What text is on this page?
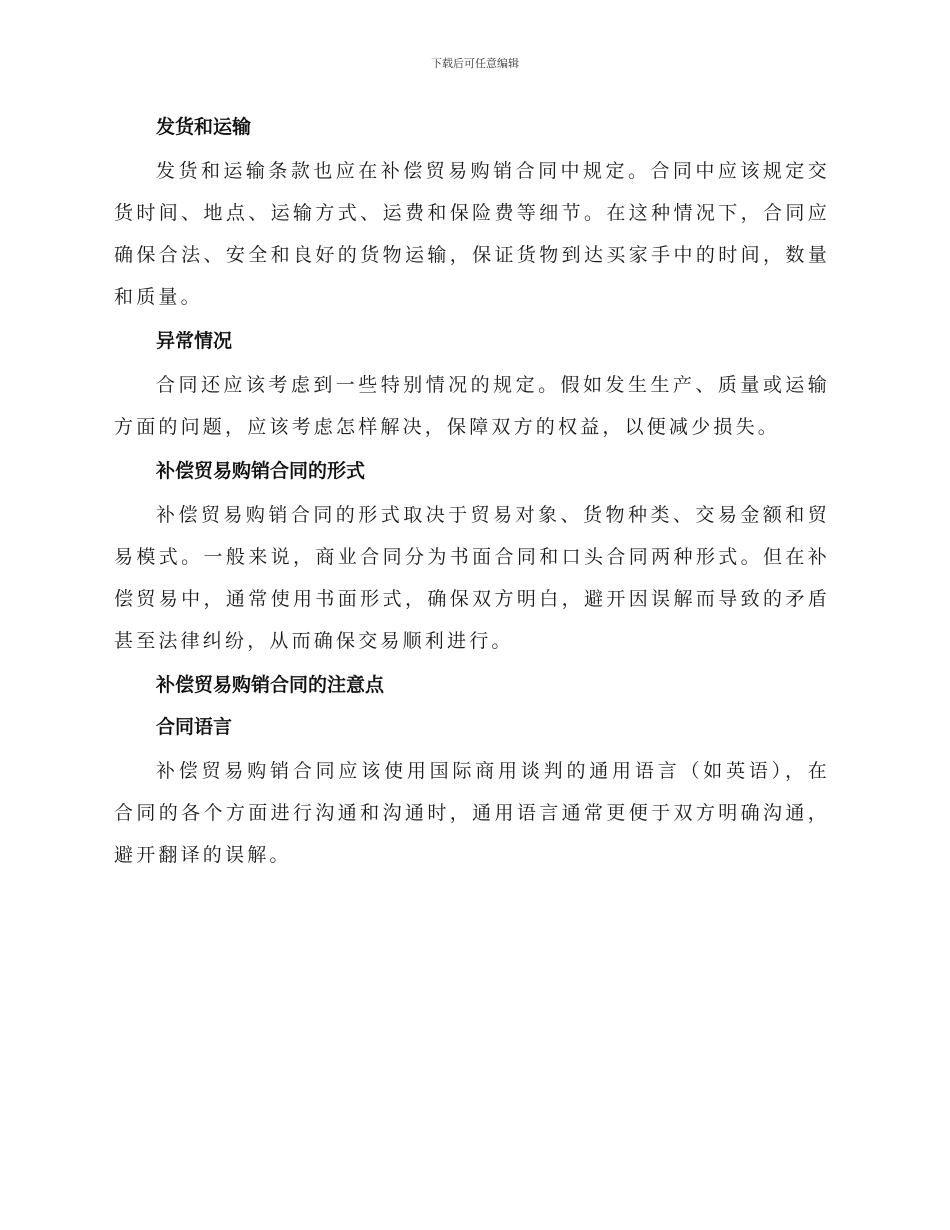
下载后可任意编辑
发货和运输

发货和运输条款也应在补偿贸易购销合同中规定。合同中应该规定交货时间、地点、运输方式、运费和保险费等细节。在这种情况下，合同应确保合法、安全和良好的货物运输，保证货物到达买家手中的时间，数量和质量。

异常情况

合同还应该考虑到一些特别情况的规定。假如发生生产、质量或运输方面的问题，应该考虑怎样解决，保障双方的权益，以便减少损失。

补偿贸易购销合同的形式

补偿贸易购销合同的形式取决于贸易对象、货物种类、交易金额和贸易模式。一般来说，商业合同分为书面合同和口头合同两种形式。但在补偿贸易中，通常使用书面形式，确保双方明白，避开因误解而导致的矛盾甚至法律纠纷，从而确保交易顺利进行。

补偿贸易购销合同的注意点
合同语言

补偿贸易购销合同应该使用国际商用谈判的通用语言（如英语），在合同的各个方面进行沟通和沟通时，通用语言通常更便于双方明确沟通，避开翻译的误解。
